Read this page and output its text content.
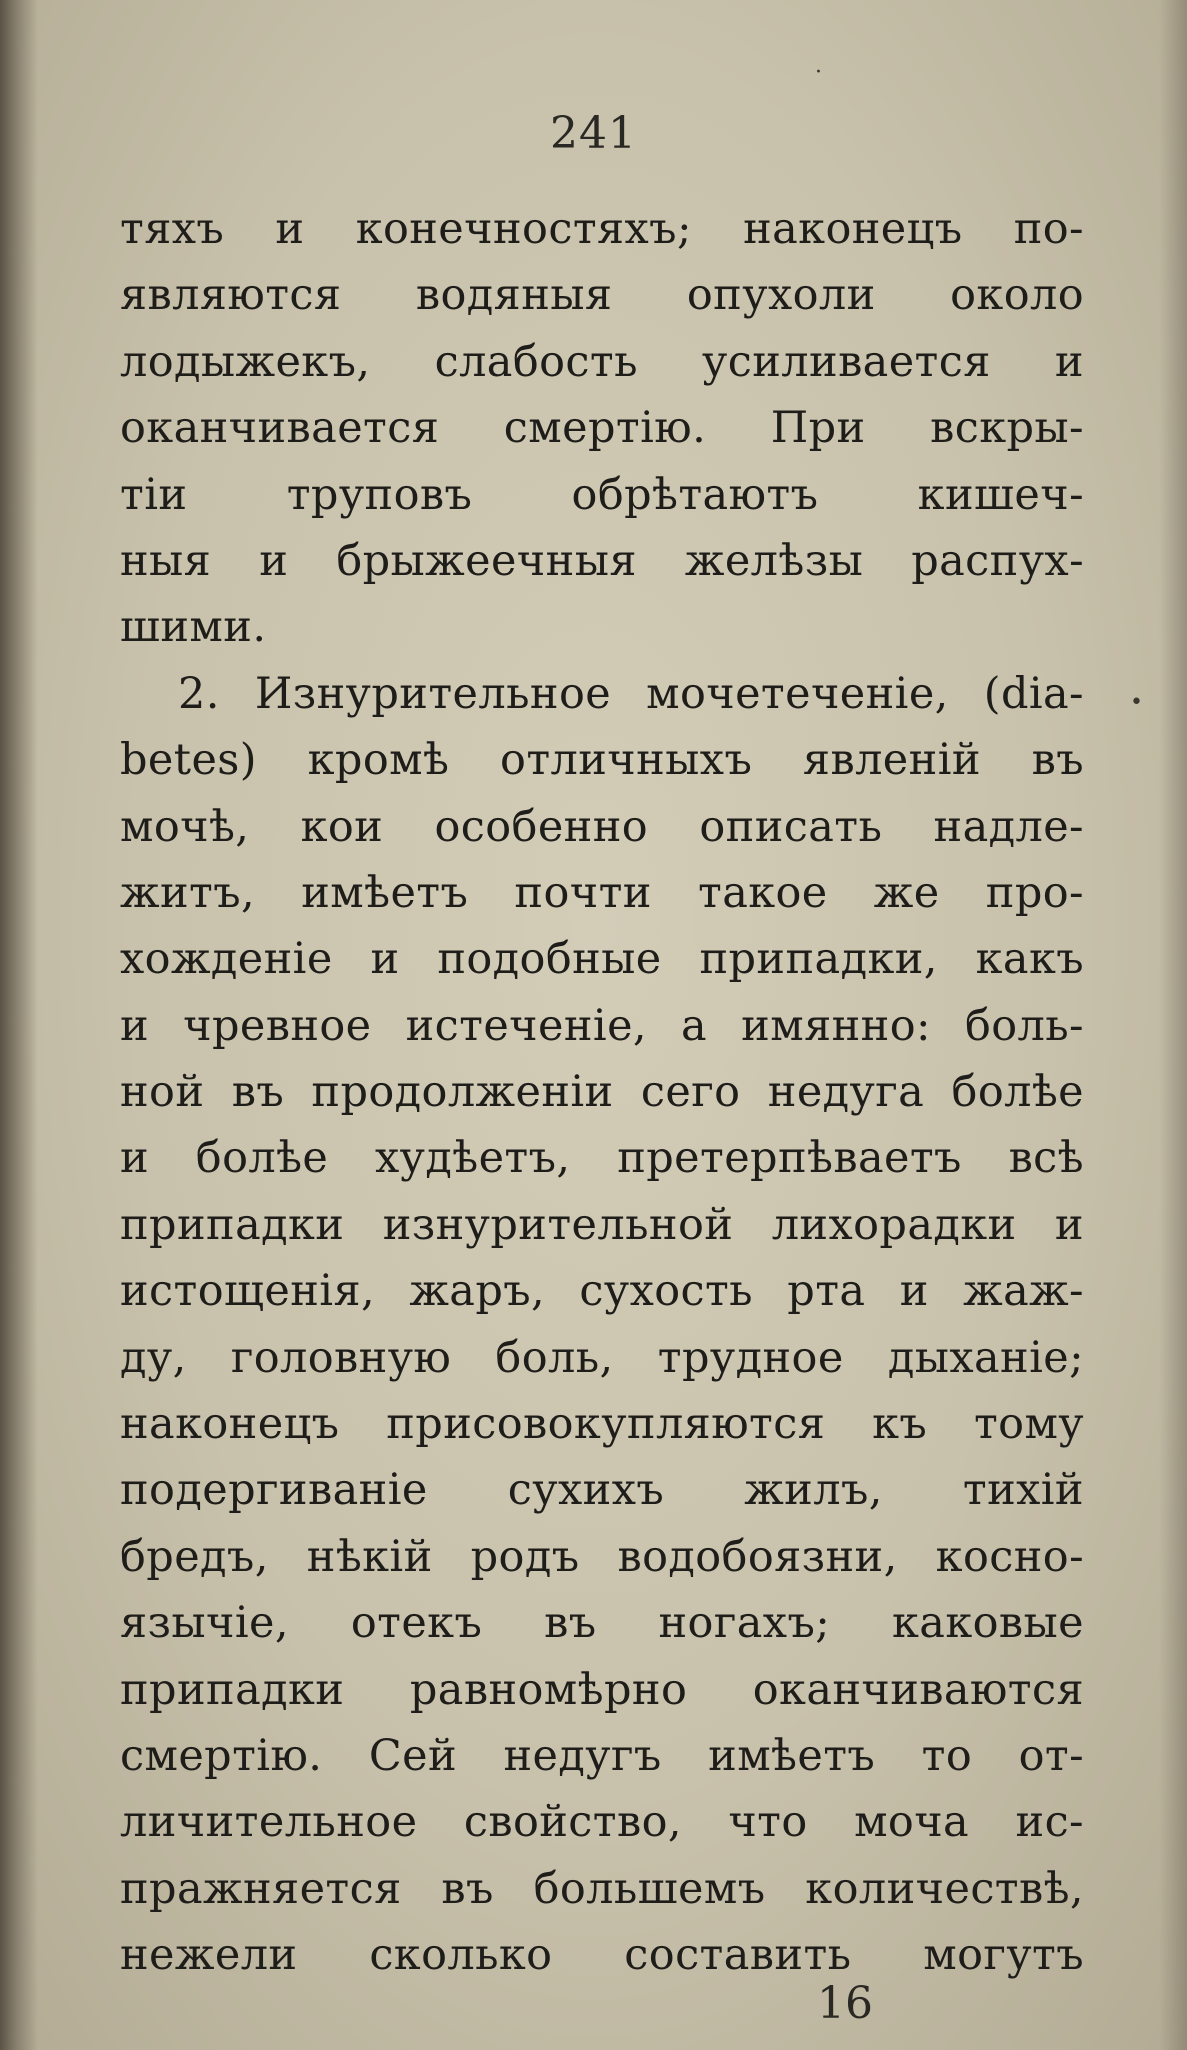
241
тяхъ и конечностяхъ; наконецъ по-
являются водяныя опухоли около
лодыжекъ, слабость усиливается и
оканчивается смертію. При вскры-
тіи труповъ обрѣтаютъ кишеч-
ныя и брыжеечныя желѣзы распух-
шими.
2. Изнурительное мочетеченіе, (dia-
betes) кромѣ отличныхъ явленій въ
мочѣ, кои особенно описать надле-
житъ, имѣетъ почти такое же про-
хожденіе и подобные припадки, какъ
и чревное истеченіе, а имянно: боль-
ной въ продолженіи сего недуга болѣе
и болѣе худѣетъ, претерпѣваетъ всѣ
припадки изнурительной лихорадки и
истощенія, жаръ, сухость рта и жаж-
ду, головную боль, трудное дыханіе;
наконецъ присовокупляются къ тому
подергиваніе сухихъ жилъ, тихій
бредъ, нѣкій родъ водобоязни, косно-
язычіе, отекъ въ ногахъ; каковые
припадки равномѣрно оканчиваются
смертію. Сей недугъ имѣетъ то от-
личительное свойство, что моча ис-
пражняется въ большемъ количествѣ,
нежели сколько составить могутъ
16
•
·
